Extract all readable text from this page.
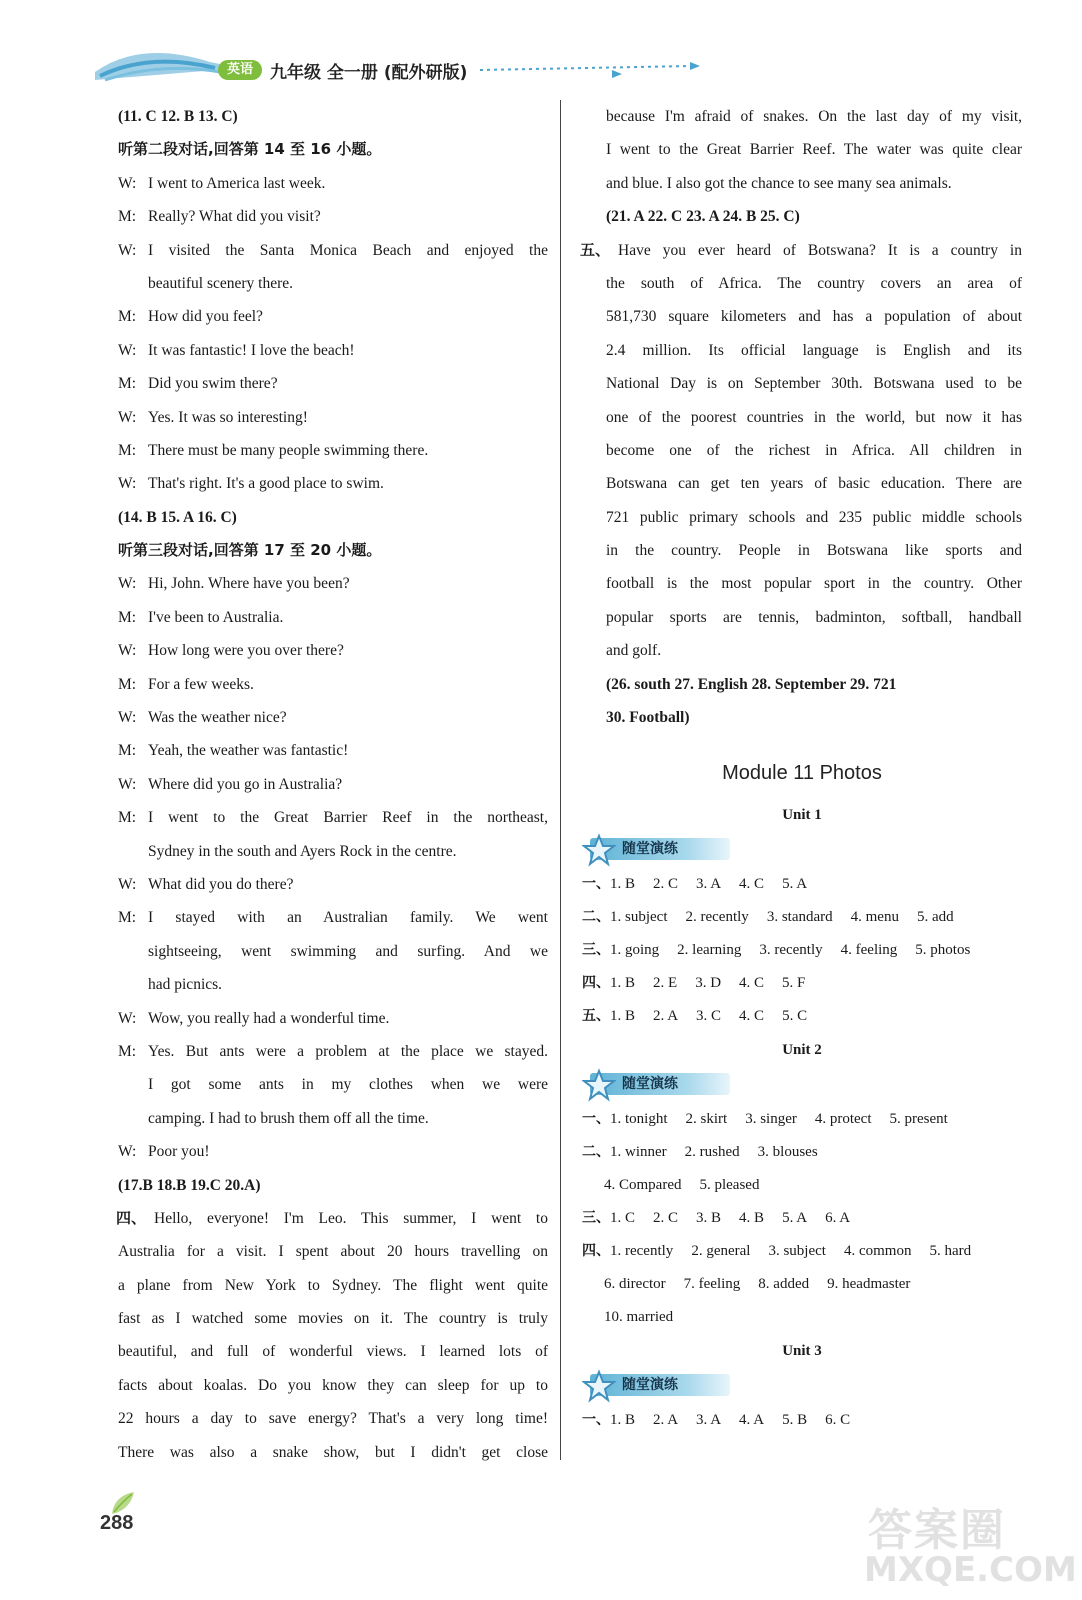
英语	九年级 全一册 (配外研版)
(11. C 12. B 13. C)
听第二段对话,回答第 14 至 16 小题。
W: I went to America last week.
M: Really? What did you visit?
W: I visited the Santa Monica Beach and enjoyed the
beautiful scenery there.
M: How did you feel?
W: It was fantastic! I love the beach!
M: Did you swim there?
W: Yes. It was so interesting!
M: There must be many people swimming there.
W: That's right. It's a good place to swim.
(14. B 15. A 16. C)
听第三段对话,回答第 17 至 20 小题。
W: Hi, John. Where have you been?
M: I've been to Australia.
W: How long were you over there?
M: For a few weeks.
W: Was the weather nice?
M: Yeah, the weather was fantastic!
W: Where did you go in Australia?
M: I went to the Great Barrier Reef in the northeast,
Sydney in the south and Ayers Rock in the centre.
W: What did you do there?
M: I stayed with an Australian family. We went
sightseeing, went swimming and surfing. And we
had picnics.
W: Wow, you really had a wonderful time.
M: Yes. But ants were a problem at the place we stayed.
I got some ants in my clothes when we were
camping. I had to brush them off all the time.
W: Poor you!
(17.B 18.B 19.C 20.A)
四、 Hello, everyone! I'm Leo. This summer, I went to
Australia for a visit. I spent about 20 hours travelling on
a plane from New York to Sydney. The flight went quite
fast as I watched some movies on it. The country is truly
beautiful, and full of wonderful views. I learned lots of
facts about koalas. Do you know they can sleep for up to
22 hours a day to save energy? That's a very long time!
There was also a snake show, but I didn't get close
because I'm afraid of snakes. On the last day of my visit,
I went to the Great Barrier Reef. The water was quite clear
and blue. I also got the chance to see many sea animals.
(21. A 22. C 23. A 24. B 25. C)
五、 Have you ever heard of Botswana? It is a country in
the south of Africa. The country covers an area of
581,730 square kilometers and has a population of about
2.4 million. Its official language is English and its
National Day is on September 30th. Botswana used to be
one of the poorest countries in the world, but now it has
become one of the richest in Africa. All children in
Botswana can get ten years of basic education. There are
721 public primary schools and 235 public middle schools
in the country. People in Botswana like sports and
football is the most popular sport in the country. Other
popular sports are tennis, badminton, softball, handball
and golf.
(26. south 27. English 28. September 29. 721
30. Football)
Module 11 Photos
Unit 1
随堂演练
一、1. B 2. C 3. A 4. C 5. A
二、1. subject 2. recently 3. standard 4. menu 5. add
三、1. going 2. learning 3. recently 4. feeling 5. photos
四、1. B 2. E 3. D 4. C 5. F
五、1. B 2. A 3. C 4. C 5. C
Unit 2
随堂演练
一、1. tonight 2. skirt 3. singer 4. protect 5. present
二、1. winner 2. rushed 3. blouses
4. Compared 5. pleased
三、1. C 2. C 3. B 4. B 5. A 6. A
四、1. recently 2. general 3. subject 4. common 5. hard
6. director 7. feeling 8. added 9. headmaster
10. married
Unit 3
随堂演练
一、1. B 2. A 3. A 4. A 5. B 6. C
288	答案圈
MXQE.COM
